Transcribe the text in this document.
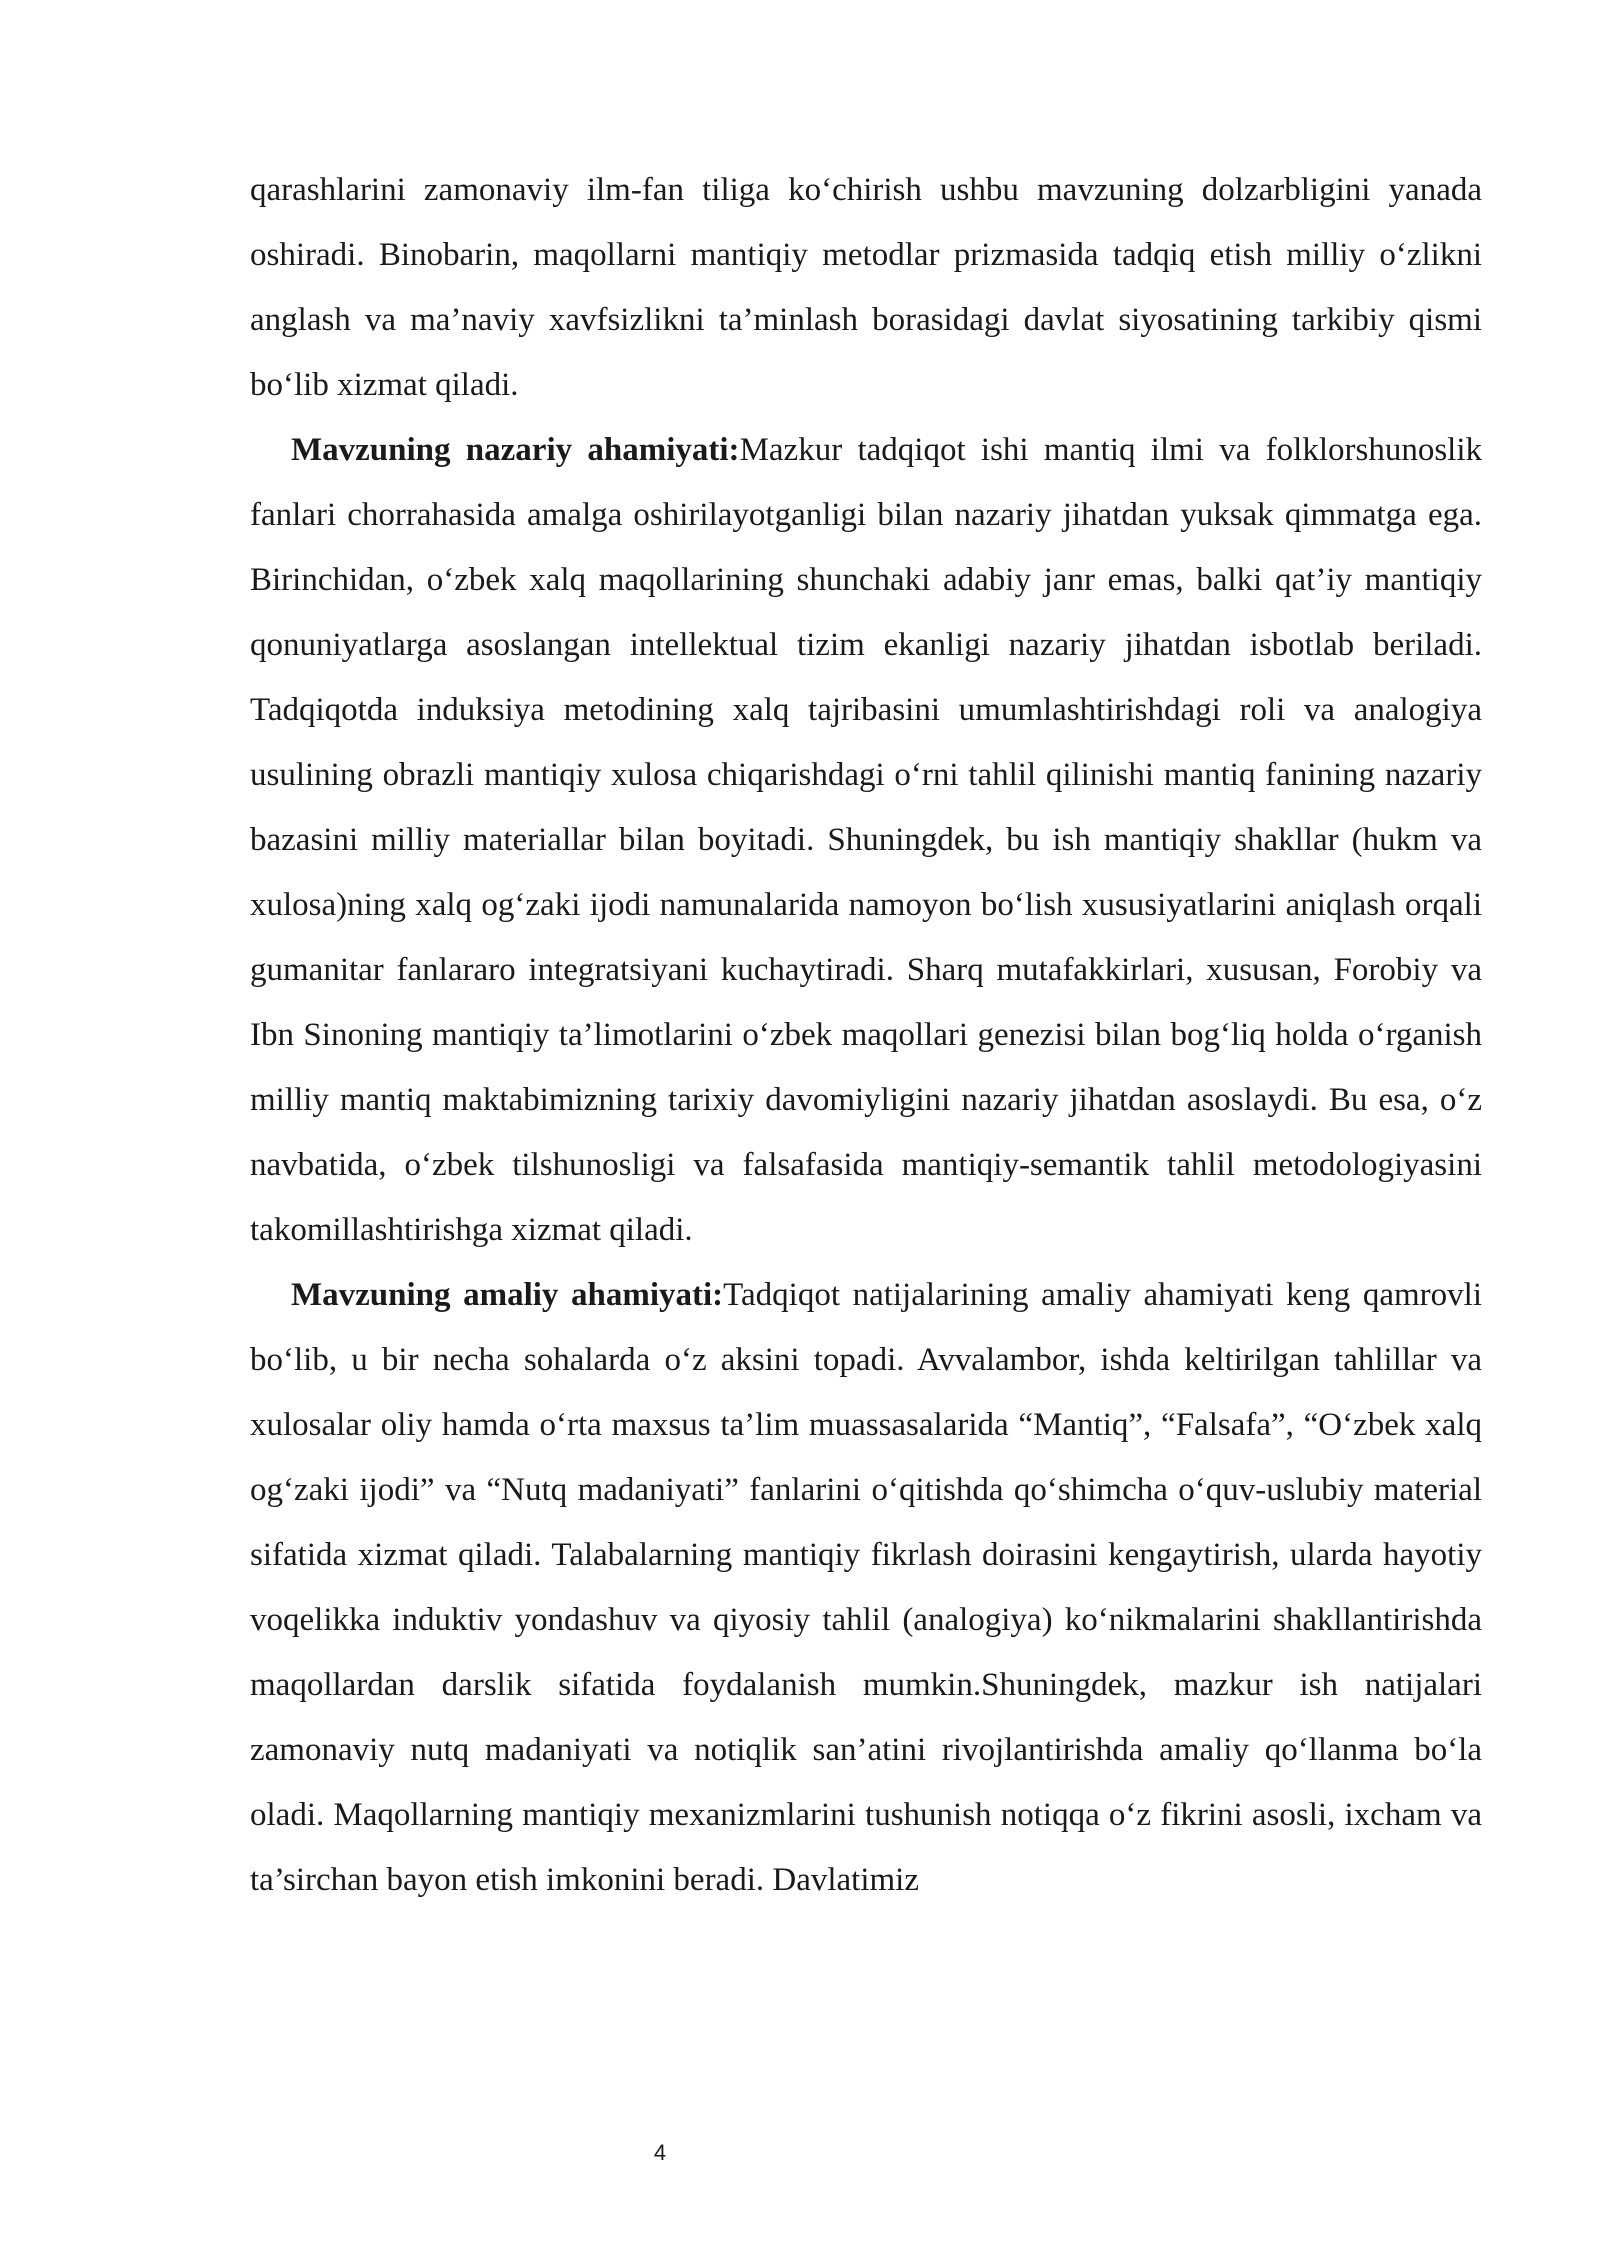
qarashlarini zamonaviy ilm-fan tiliga ko‘chirish ushbu mavzuning dolzarbligini yanada oshiradi. Binobarin, maqollarni mantiqiy metodlar prizmasida tadqiq etish milliy o‘zlikni anglash va ma’naviy xavfsizlikni ta’minlash borasidagi davlat siyosatining tarkibiy qismi bo‘lib xizmat qiladi.

Mavzuning nazariy ahamiyati:Mazkur tadqiqot ishi mantiq ilmi va folklorshunoslik fanlari chorrahasida amalga oshirilayotganligi bilan nazariy jihatdan yuksak qimmatga ega. Birinchidan, o‘zbek xalq maqollarining shunchaki adabiy janr emas, balki qat’iy mantiqiy qonuniyatlarga asoslangan intellektual tizim ekanligi nazariy jihatdan isbotlab beriladi. Tadqiqotda induksiya metodining xalq tajribasini umumlashtirishdagi roli va analogiya usulining obrazli mantiqiy xulosa chiqarishdagi o‘rni tahlil qilinishi mantiq fanining nazariy bazasini milliy materiallar bilan boyitadi. Shuningdek, bu ish mantiqiy shakllar (hukm va xulosa)ning xalq og‘zaki ijodi namunalarida namoyon bo‘lish xususiyatlarini aniqlash orqali gumanitar fanlararo integratsiyani kuchaytiradi. Sharq mutafakkirlari, xususan, Forobiy va Ibn Sinoning mantiqiy ta’limotlarini o‘zbek maqollari genezisi bilan bog‘liq holda o‘rganish milliy mantiq maktabimizning tarixiy davomiyligini nazariy jihatdan asoslaydi. Bu esa, o‘z navbatida, o‘zbek tilshunosligi va falsafasida mantiqiy-semantik tahlil metodologiyasini takomillashtirishga xizmat qiladi.

Mavzuning amaliy ahamiyati:Tadqiqot natijalarining amaliy ahamiyati keng qamrovli bo‘lib, u bir necha sohalarda o‘z aksini topadi. Avvalambor, ishda keltirilgan tahlillar va xulosalar oliy hamda o‘rta maxsus ta’lim muassasalarida “Mantiq”, “Falsafa”, “O‘zbek xalq og‘zaki ijodi” va “Nutq madaniyati” fanlarini o‘qitishda qo‘shimcha o‘quv-uslubiy material sifatida xizmat qiladi. Talabalarning mantiqiy fikrlash doirasini kengaytirish, ularda hayotiy voqelikka induktiv yondashuv va qiyosiy tahlil (analogiya) ko‘nikmalarini shakllantirishda maqollardan darslik sifatida foydalanish mumkin.Shuningdek, mazkur ish natijalari zamonaviy nutq madaniyati va notiqlik san’atini rivojlantirishda amaliy qo‘llanma bo‘la oladi. Maqollarning mantiqiy mexanizmlarini tushunish notiqqa o‘z fikrini asosli, ixcham va ta’sirchan bayon etish imkonini beradi. Davlatimiz

4
